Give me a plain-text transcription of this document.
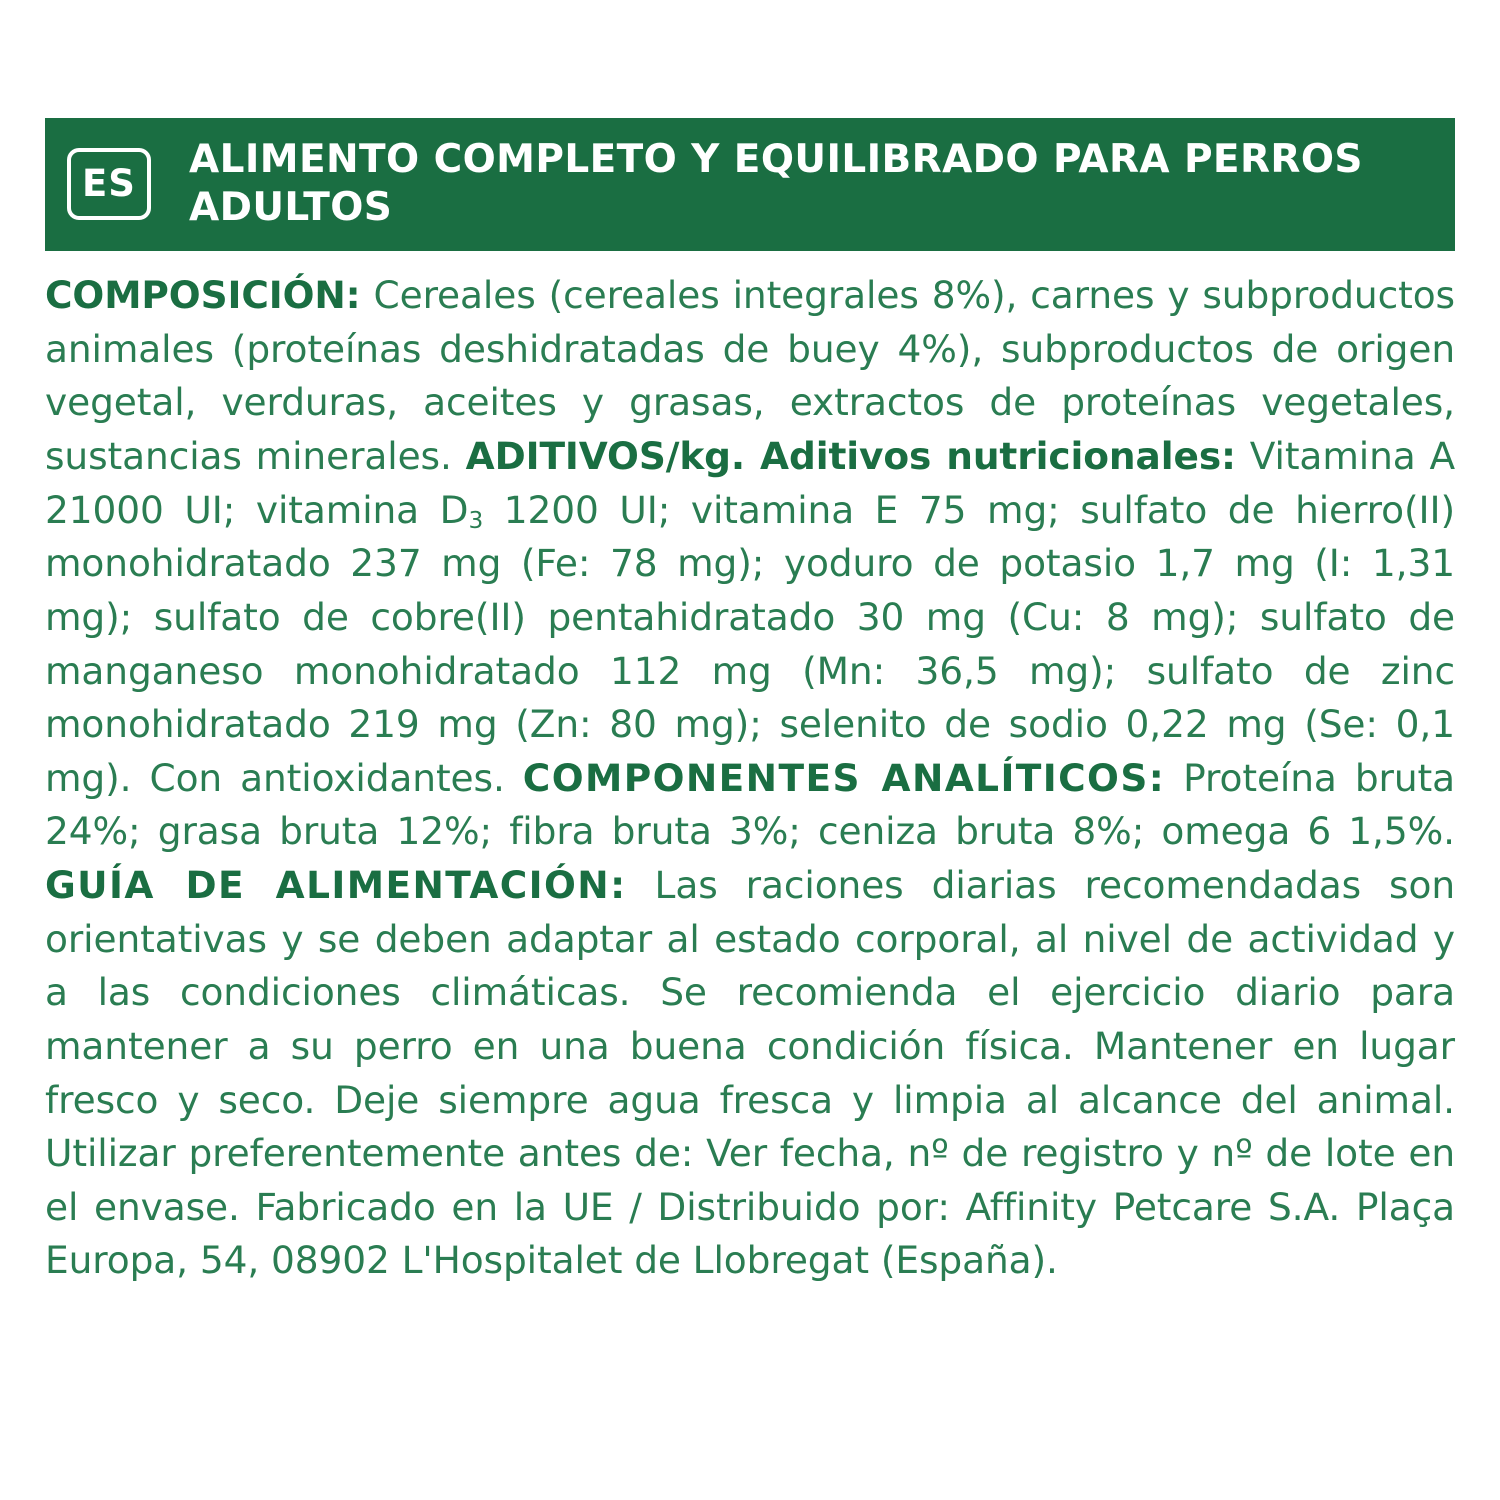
ES
ALIMENTO COMPLETO Y EQUILIBRADO PARA PERROS ADULTOS
COMPOSICIÓN: Cereales (cereales integrales 8%), carnes y subproductos animales (proteínas deshidratadas de buey 4%), subproductos de origen vegetal, verduras, aceites y grasas, extractos de proteínas vegetales, sustancias minerales. ADITIVOS/kg. Aditivos nutricionales: Vitamina A 21000 UI; vitamina $D_3$ 1200 UI; vitamina E 75 mg; sulfato de hierro(II) monohidratado 237 mg (Fe: 78 mg); yoduro de potasio 1,7 mg (I: 1,31 mg); sulfato de cobre(II) pentahidratado 30 mg (Cu: 8 mg); sulfato de manganeso monohidratado 112 mg (Mn: 36,5 mg); sulfato de zinc monohidratado 219 mg (Zn: 80 mg); selenito de sodio 0,22 mg (Se: 0,1 mg). Con antioxidantes. COMPONENTES ANALÍTICOS: Proteína bruta 24%; grasa bruta 12%; fibra bruta 3%; ceniza bruta 8%; omega 6 1,5%. GUÍA DE ALIMENTACIÓN: Las raciones diarias recomendadas son orientativas y se deben adaptar al estado corporal, al nivel de actividad y a las condiciones climáticas. Se recomienda el ejercicio diario para mantener a su perro en una buena condición física. Mantener en lugar fresco y seco. Deje siempre agua fresca y limpia al alcance del animal. Utilizar preferentemente antes de: Ver fecha, nº de registro y nº de lote en el envase. Fabricado en la UE / Distribuido por: Affinity Petcare S.A. Plaça Europa, 54, 08902 L'Hospitalet de Llobregat (España).
